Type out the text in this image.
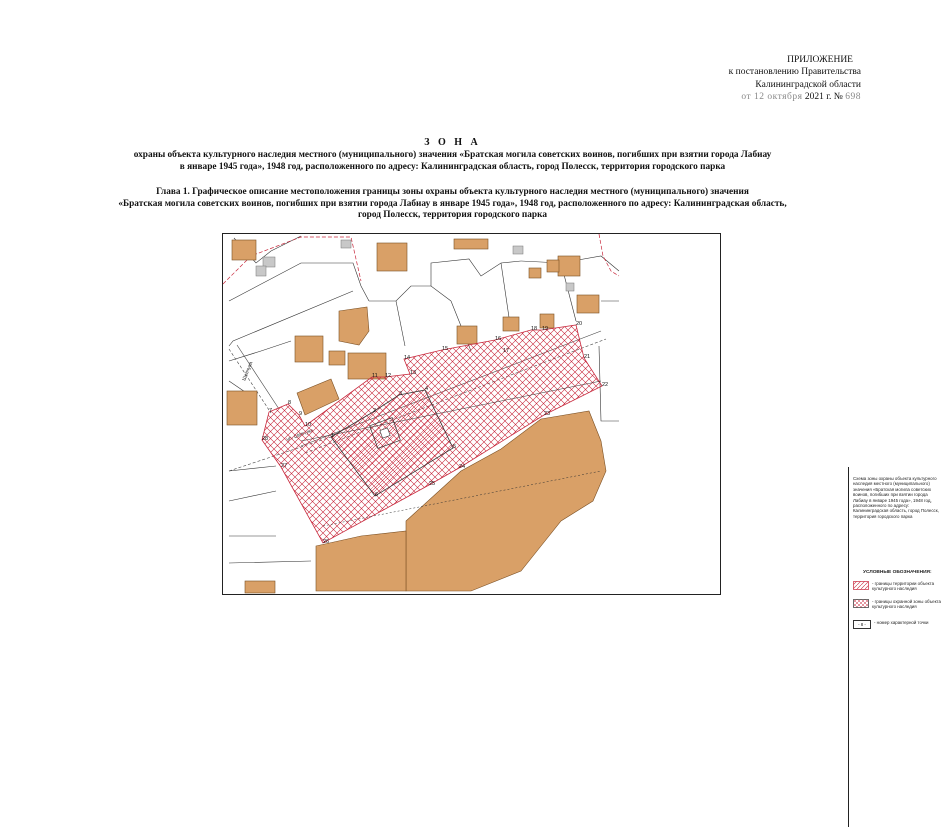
ПРИЛОЖЕНИЕ
к постановлению Правительства
Калининградской области
от 12 октября 2021 г. № 698
З О Н А
охраны объекта культурного наследия местного (муниципального) значения «Братская могила советских воинов, погибших при взятии города Лабиау
в январе 1945 года», 1948 год, расположенного по адресу: Калининградская область, город Полесск, территория городского парка
Глава 1. Графическое описание местоположения границы зоны охраны объекта культурного наследия местного (муниципального) значения
«Братская могила советских воинов, погибших при взятии города Лабиау в январе 1945 года», 1948 год, расположенного по адресу: Калининградская область,
город Полесск, территория городского парка
Шевчука
1
2
3
4
5
6
7
8
9
10
11 12	13
14
15
16
17
18 19
20
21
22
23
24
25
26
27
28
Схема зоны охраны объекта культурного наследия местного (муниципального) значения «Братская могила советских воинов, погибших при взятии города Лабиау в январе 1945 года», 1948 год, расположенного по адресу: Калининградская область, город Полесск, территория городского парка
УСЛОВНЫЕ ОБОЗНАЧЕНИЯ:
- границы территории объекта культурного наследия
- границы охранной зоны объекта культурного наследия
- 8 -	- номер характерной точки
